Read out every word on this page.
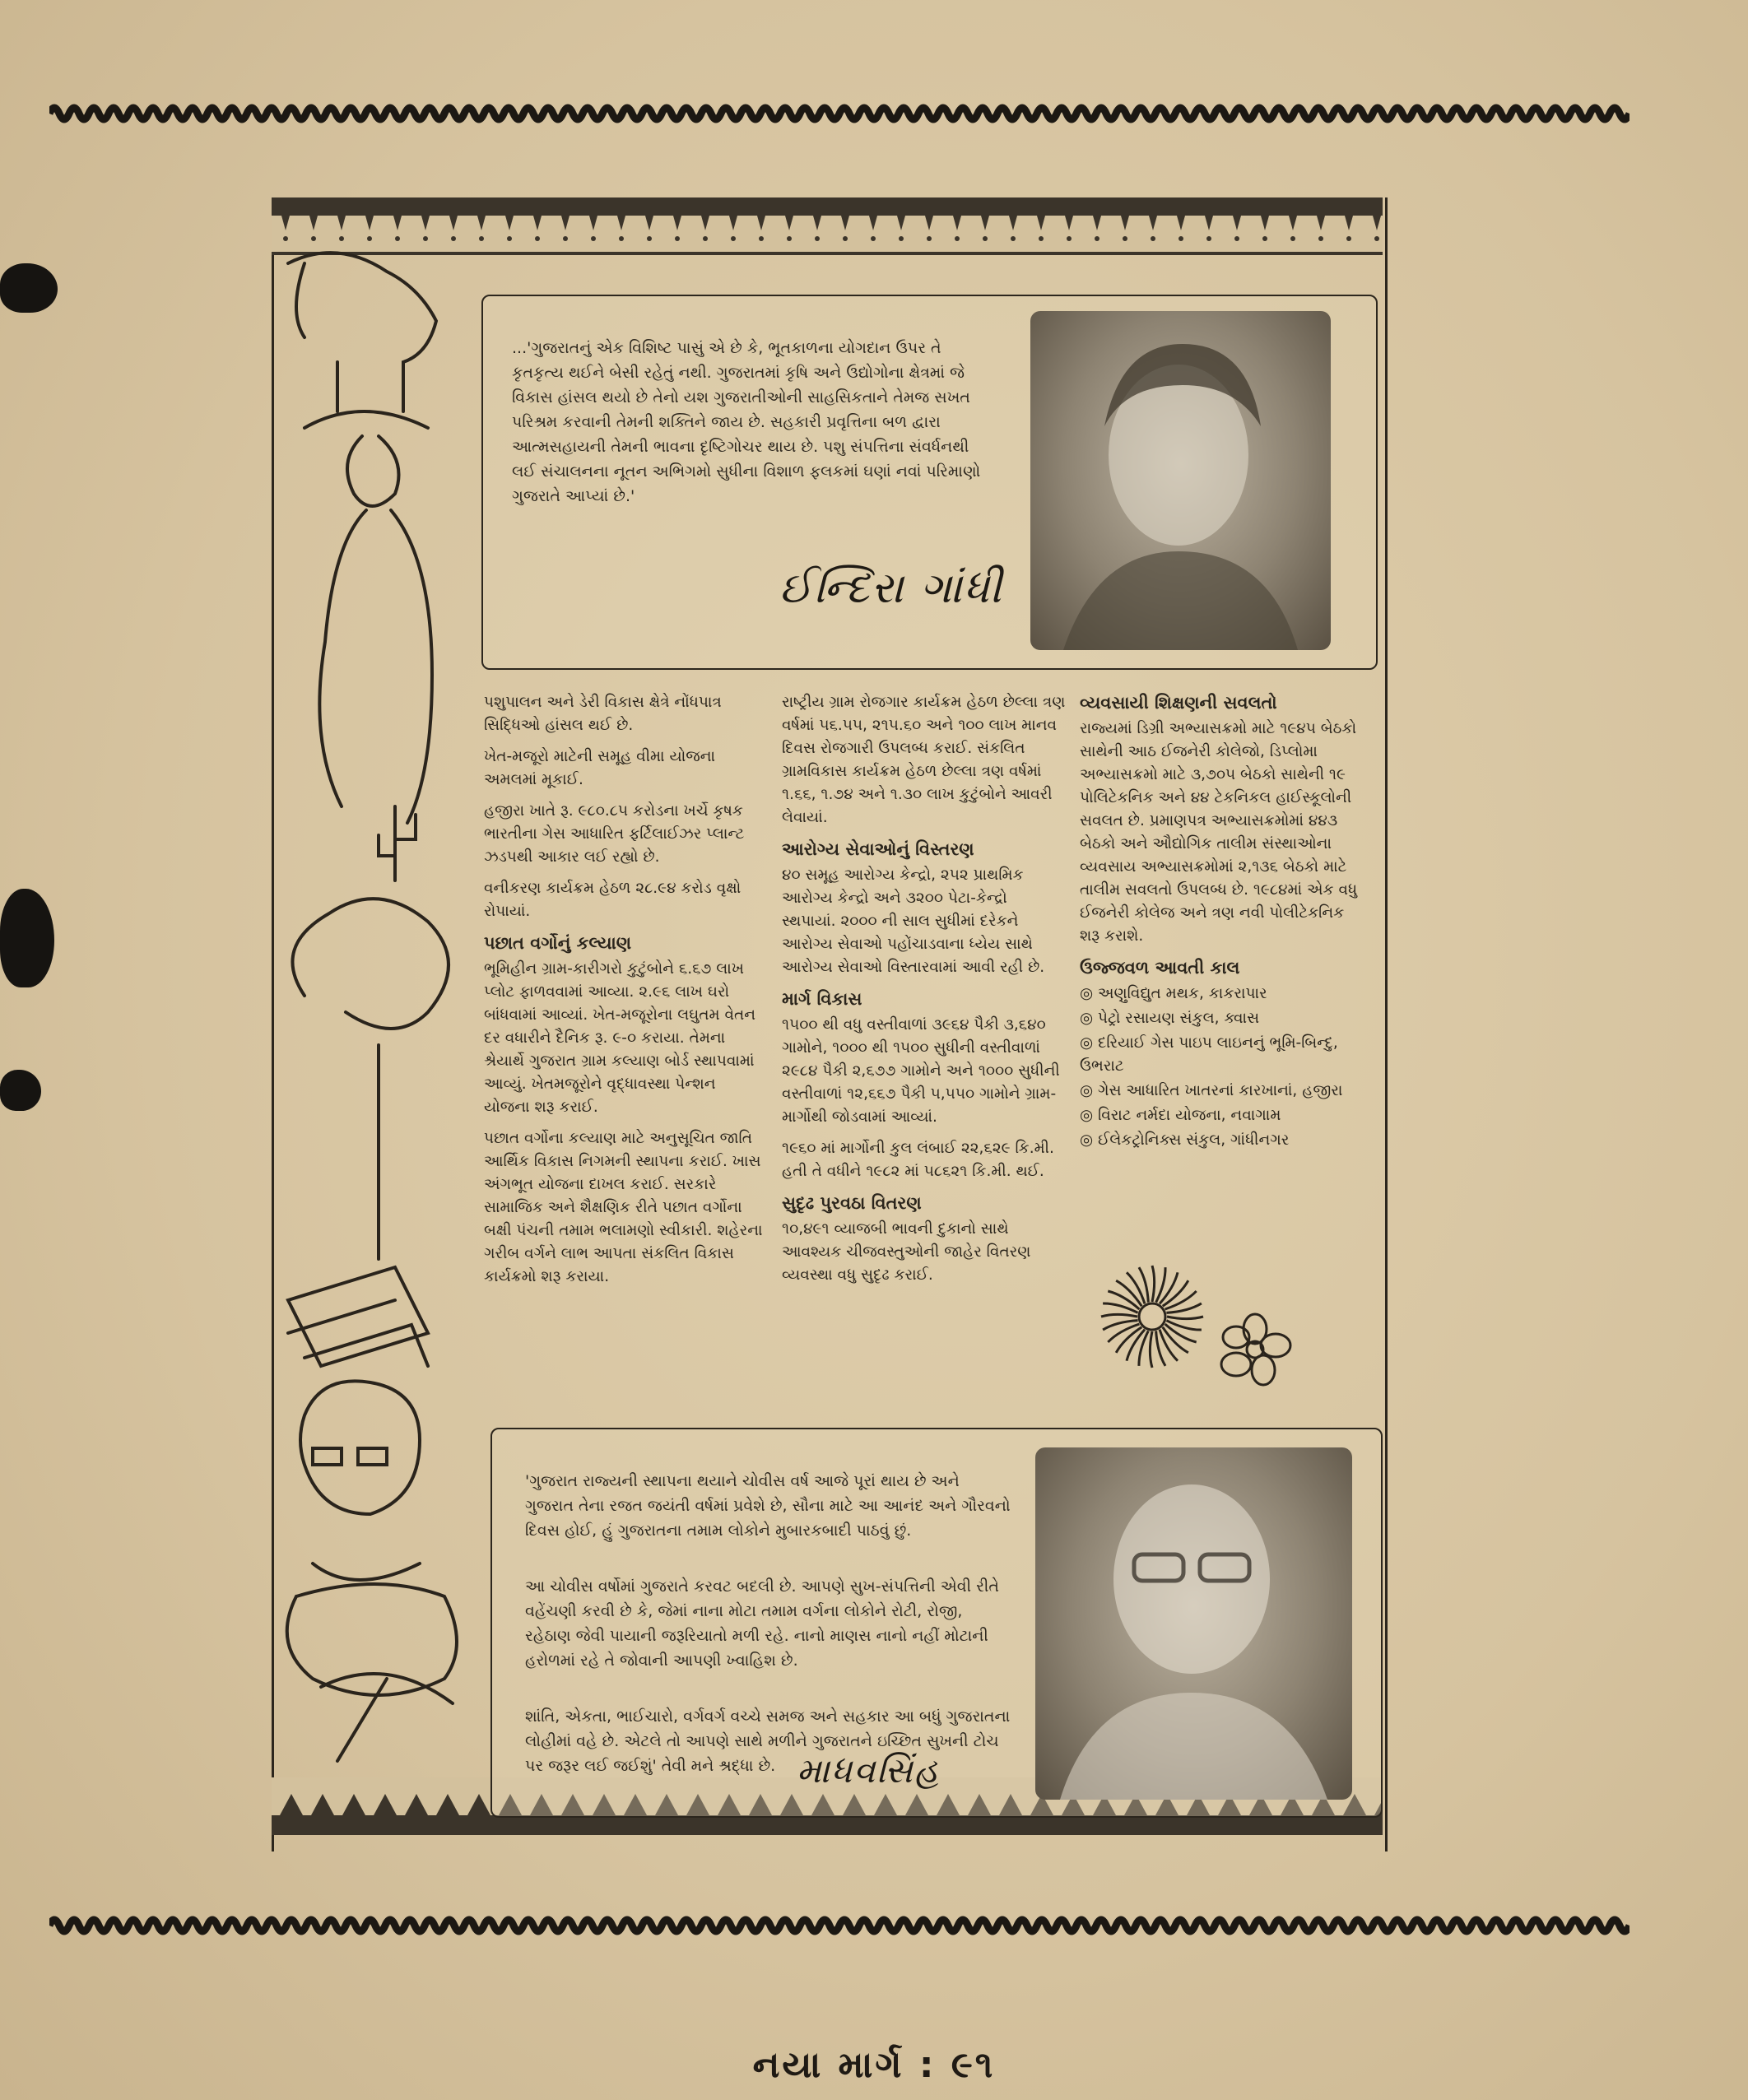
...'ગુજરાતનું એક વિશિષ્ટ પાસું એ છે કે, ભૂતકાળના યોગદાન ઉપર તે કૃતકૃત્ય થઈને બેસી રહેતું નથી. ગુજરાતમાં કૃષિ અને ઉદ્યોગોના ક્ષેત્રમાં જે વિકાસ હાંસલ થયો છે તેનો યશ ગુજરાતીઓની સાહસિકતાને તેમજ સખત પરિશ્રમ કરવાની તેમની શક્તિને જાય છે. સહકારી પ્રવૃત્તિના બળ દ્વારા આત્મસહાયની તેમની ભાવના દૃષ્ટિગોચર થાય છે. પશુ સંપત્તિના સંવર્ધનથી લઈ સંચાલનના નૂતન અભિગમો સુધીના વિશાળ ફલકમાં ઘણાં નવાં પરિમાણો ગુજરાતે આપ્યાં છે.'
ઈન્દિરા ગાંધી

પશુપાલન અને ડેરી વિકાસ ક્ષેત્રે નોંધપાત્ર સિદ્ધિઓ હાંસલ થઈ છે.

ખેત-મજૂરો માટેની સમૂહ વીમા યોજના અમલમાં મૂકાઈ.

હજીરા ખાતે રૂ. ૯૮૦.૮૫ કરોડના ખર્ચે કૃષક ભારતીના ગેસ આધારિત ફર્ટિલાઈઝર પ્લાન્ટ ઝડપથી આકાર લઈ રહ્યો છે.

વનીકરણ કાર્યક્રમ હેઠળ ૨૮.૯૪ કરોડ વૃક્ષો રોપાયાં.

પછાત વર્ગોનું કલ્યાણ

ભૂમિહીન ગ્રામ-કારીગરો કુટુંબોને ૬.૬૭ લાખ પ્લોટ ફાળવવામાં આવ્યા. ૨.૯૬ લાખ ઘરો બાંધવામાં આવ્યાં. ખેત-મજૂરોના લઘુતમ વેતન દર વધારીને દૈનિક રૂ. ૯-૦ કરાયા. તેમના શ્રેયાર્થે ગુજરાત ગ્રામ કલ્યાણ બોર્ડ સ્થાપવામાં આવ્યું. ખેતમજૂરોને વૃદ્ધાવસ્થા પેન્શન યોજના શરૂ કરાઈ.

પછાત વર્ગોના કલ્યાણ માટે અનુસૂચિત જાતિ આર્થિક વિકાસ નિગમની સ્થાપના કરાઈ. ખાસ અંગભૂત યોજના દાખલ કરાઈ. સરકારે સામાજિક અને શૈક્ષણિક રીતે પછાત વર્ગોના બક્ષી પંચની તમામ ભલામણો સ્વીકારી. શહેરના ગરીબ વર્ગને લાભ આપતા સંકલિત વિકાસ કાર્યક્રમો શરૂ કરાયા.

રાષ્ટ્રીય ગ્રામ રોજગાર કાર્યક્રમ હેઠળ છેલ્લા ત્રણ વર્ષમાં ૫૬.૫૫, ૨૧૫.૬૦ અને ૧૦૦ લાખ માનવ દિવસ રોજગારી ઉપલબ્ધ કરાઈ. સંકલિત ગ્રામવિકાસ કાર્યક્રમ હેઠળ છેલ્લા ત્રણ વર્ષમાં ૧.૬૬, ૧.૭૪ અને ૧.૩૦ લાખ કુટુંબોને આવરી લેવાયાં.

આરોગ્ય સેવાઓનું વિસ્તરણ

૪૦ સમૂહ આરોગ્ય કેન્દ્રો, ૨૫૨ પ્રાથમિક આરોગ્ય કેન્દ્રો અને ૩૨૦૦ પેટા-કેન્દ્રો સ્થપાયાં. ૨૦૦૦ ની સાલ સુધીમાં દરેકને આરોગ્ય સેવાઓ પહોંચાડવાના ધ્યેય સાથે આરોગ્ય સેવાઓ વિસ્તારવામાં આવી રહી છે.

માર્ગ વિકાસ

૧૫૦૦ થી વધુ વસ્તીવાળાં ૩૯૬૪ પૈકી ૩,૬૪૦ ગામોને, ૧૦૦૦ થી ૧૫૦૦ સુધીની વસ્તીવાળાં ૨૯૮૪ પૈકી ૨,૬૭૭ ગામોને અને ૧૦૦૦ સુધીની વસ્તીવાળાં ૧૨,૬૬૭ પૈકી ૫,૫૫૦ ગામોને ગ્રામ-માર્ગોથી જોડવામાં આવ્યાં.

૧૯૬૦ માં માર્ગોની કુલ લંબાઈ ૨૨,૬૨૯ કિ.મી. હતી તે વધીને ૧૯૮૨ માં ૫૮૬૨૧ કિ.મી. થઈ.

સુદૃઢ પુરવઠા વિતરણ

૧૦,૪૯૧ વ્યાજબી ભાવની દુકાનો સાથે આવશ્યક ચીજવસ્તુઓની જાહેર વિતરણ વ્યવસ્થા વધુ સુદૃઢ કરાઈ.

વ્યવસાયી શિક્ષણની સવલતો

રાજ્યમાં ડિગ્રી અભ્યાસક્રમો માટે ૧૯૪૫ બેઠકો સાથેની આઠ ઈજનેરી કોલેજો, ડિપ્લોમા અભ્યાસક્રમો માટે ૩,૭૦૫ બેઠકો સાથેની ૧૯ પોલિટેકનિક અને ૪૪ ટેકનિકલ હાઈસ્કૂલોની સવલત છે. પ્રમાણપત્ર અભ્યાસક્રમોમાં ૪૪૩ બેઠકો અને ઔદ્યોગિક તાલીમ સંસ્થાઓના વ્યવસાય અભ્યાસક્રમોમાં ૨,૧૩૬ બેઠકો માટે તાલીમ સવલતો ઉપલબ્ધ છે. ૧૯૮૪માં એક વધુ ઈજનેરી કોલેજ અને ત્રણ નવી પોલીટેકનિક શરૂ કરાશે.

ઉજ્જવળ આવતી કાલ
◎ અણુવિદ્યુત મથક, કાકરાપાર
◎ પેટ્રો રસાયણ સંકુલ, ક્વાસ
◎ દરિયાઈ ગેસ પાઇપ લાઇનનું ભૂમિ-બિન્દુ, ઉભરાટ
◎ ગેસ આધારિત ખાતરનાં કારખાનાં, હજીરા
◎ વિરાટ નર્મદા યોજના, નવાગામ
◎ ઈલેકટ્રોનિક્સ સંકુલ, ગાંધીનગર

'ગુજરાત રાજ્યની સ્થાપના થયાને ચોવીસ વર્ષ આજે પૂરાં થાય છે અને ગુજરાત તેના રજત જયંતી વર્ષમાં પ્રવેશે છે, સૌના માટે આ આનંદ અને ગૌરવનો દિવસ હોઈ, હું ગુજરાતના તમામ લોકોને મુબારકબાદી પાઠવું છું.

આ ચોવીસ વર્ષોમાં ગુજરાતે કરવટ બદલી છે. આપણે સુખ-સંપત્તિની એવી રીતે વહેંચણી કરવી છે કે, જેમાં નાના મોટા તમામ વર્ગના લોકોને રોટી, રોજી, રહેઠાણ જેવી પાયાની જરૂરિયાતો મળી રહે. નાનો માણસ નાનો નહીં મોટાની હરોળમાં રહે તે જોવાની આપણી ખ્વાહિશ છે.

શાંતિ, એકતા, ભાઈચારો, વર્ગવર્ગ વચ્ચે સમજ અને સહકાર આ બધું ગુજરાતના લોહીમાં વહે છે. એટલે તો આપણે સાથે મળીને ગુજરાતને ઇચ્છિત સુખની ટોચ પર જરૂર લઈ જઈશું' તેવી મને શ્રદ્ધા છે. માધવસિંહ
નયા માર્ગ : ૯૧
